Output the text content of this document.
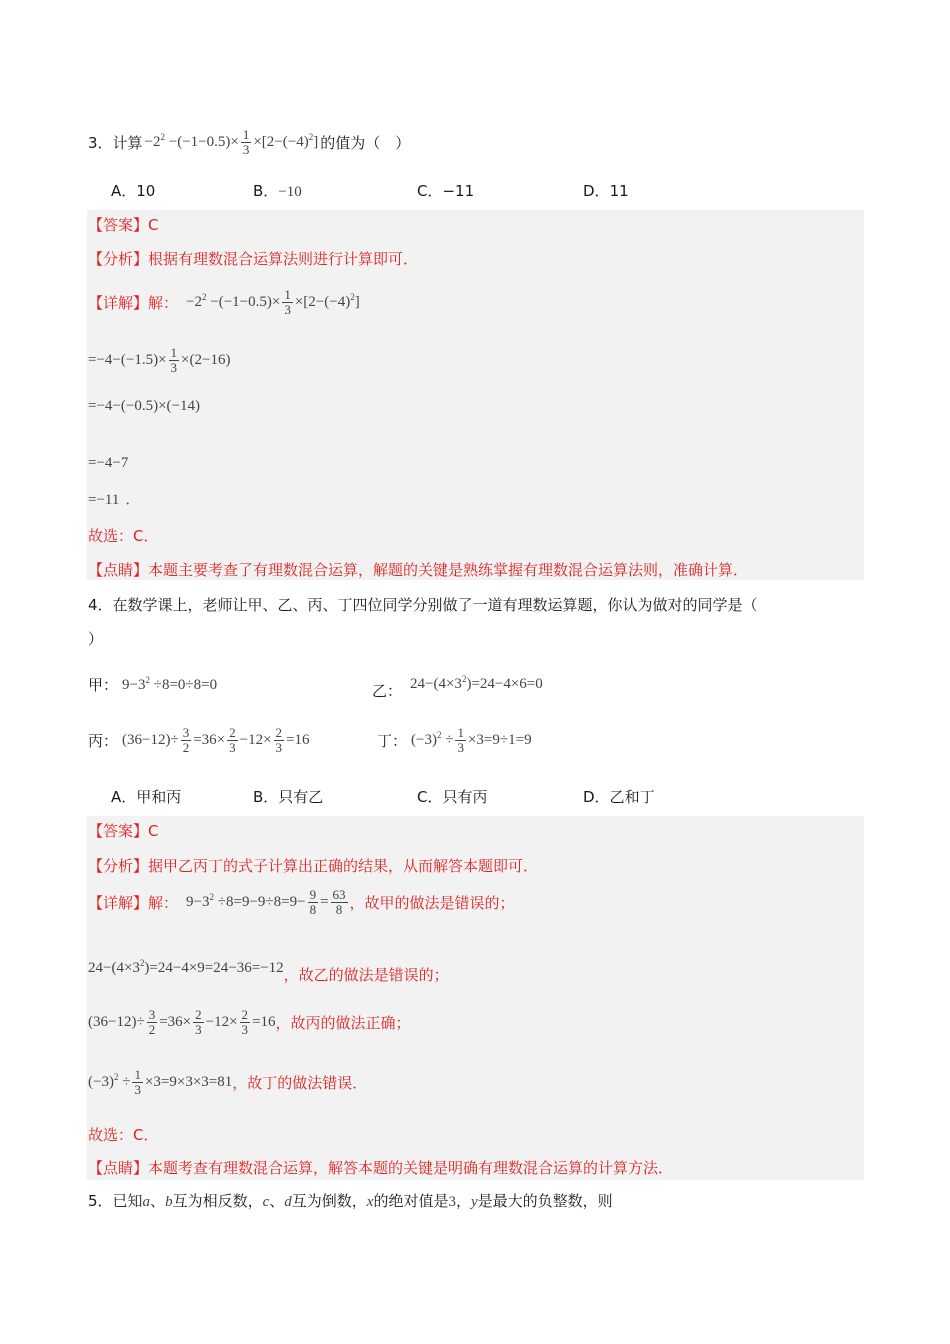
3．计算 $-2^2 -(-1-0.5)\times \frac{1}{3} \times[2-(-4)^2]$ 的值为（　）
A．10	B．−10	C．−11	D．11
【答案】C
【分析】根据有理数混合运算法则进行计算即可．
【详解】 解： $-2^2 -(-1-0.5)\times \frac{1}{3} \times[2-(-4)^2]$
$=-4-(-1.5)\times \frac{1}{3} \times(2-16)$
=−4−(−0.5)×(−14)
=−4−7
=−11 ．
故选：C．
【点睛】本题主要考查了有理数混合运算，解题的关键是熟练掌握有理数混合运算法则，准确计算．
4．在数学课上，老师让甲、乙、丙、丁四位同学分别做了一道有理数运算题，你认为做对的同学是（
）
甲： $9-3^2 \div 8=0\div 8=0$	乙： $24-(4\times 3^2)=24-4\times 6=0$
丙： $(36-12)\div \frac{3}{2} =36\times \frac{2}{3} -12\times \frac{2}{3} =16$	丁： $(-3)^2 \div \frac{1}{3} \times 3=9\div 1=9$
A．甲和丙	B．只有乙	C．只有丙	D．乙和丁
【答案】C
【分析】据甲乙丙丁的式子计算出正确的结果，从而解答本题即可．
【详解】 解： $9-3^2 \div 8=9-9\div 8=9- \frac{9}{8} = \frac{63}{8}$ ，故甲的做法是错误的；
$24-(4\times 3^2)=24-4\times 9=24-36=-12$ ，故乙的做法是错误的；
$(36-12)\div \frac{3}{2} =36\times \frac{2}{3} -12\times \frac{2}{3} =16$ ，故丙的做法正确；
$(-3)^2 \div \frac{1}{3} \times 3=9\times 3\times 3=81$ ，故丁的做法错误．
故选：C．
【点睛】本题考查有理数混合运算，解答本题的关键是明确有理数混合运算的计算方法．
5．已知a、b互为相反数，c、d互为倒数，x的绝对值是3，y是最大的负整数，则
